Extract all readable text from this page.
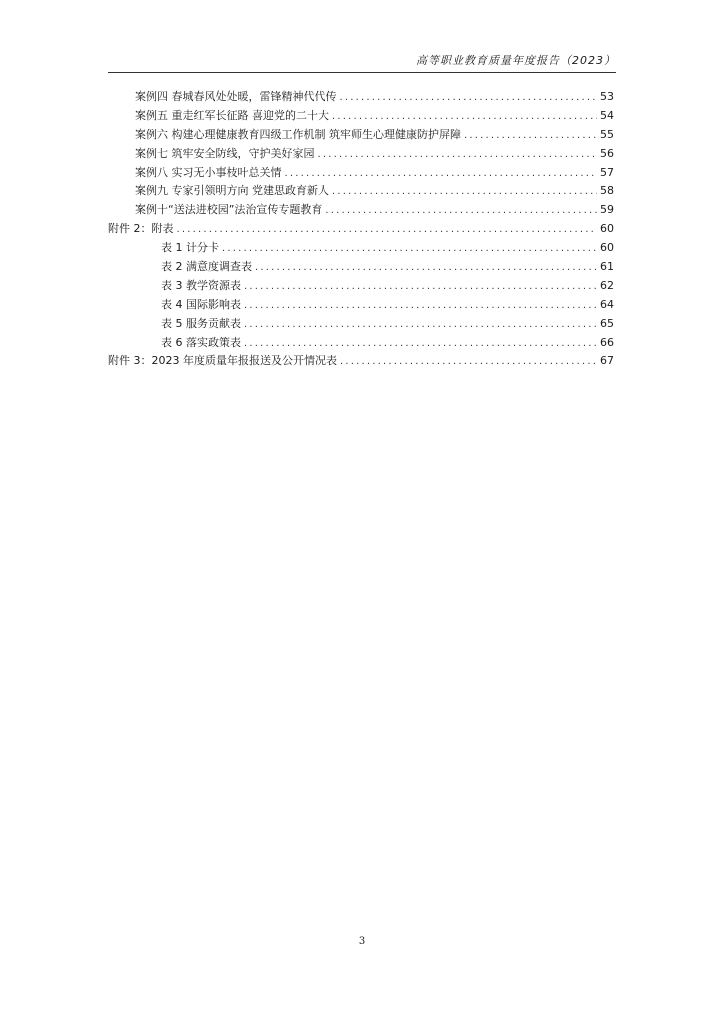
高等职业教育质量年度报告（2023）
案例四 春城春风处处暖，雷锋精神代代传 .....	53
案例五 重走红军长征路 喜迎党的二十大 .....	54
案例六 构建心理健康教育四级工作机制 筑牢师生心理健康防护屏障 .....	55
案例七 筑牢安全防线，守护美好家园 .....	56
案例八 实习无小事枝叶总关情 .....	57
案例九 专家引领明方向 党建思政育新人 .....	58
案例十“送法进校园”法治宣传专题教育 .....	59
附件 2：附表 .....	60
表 1 计分卡 .....	60
表 2 满意度调查表 .....	61
表 3 教学资源表 .....	62
表 4 国际影响表 .....	64
表 5 服务贡献表 .....	65
表 6 落实政策表 .....	66
附件 3：2023 年度质量年报报送及公开情况表 .....	67
3
